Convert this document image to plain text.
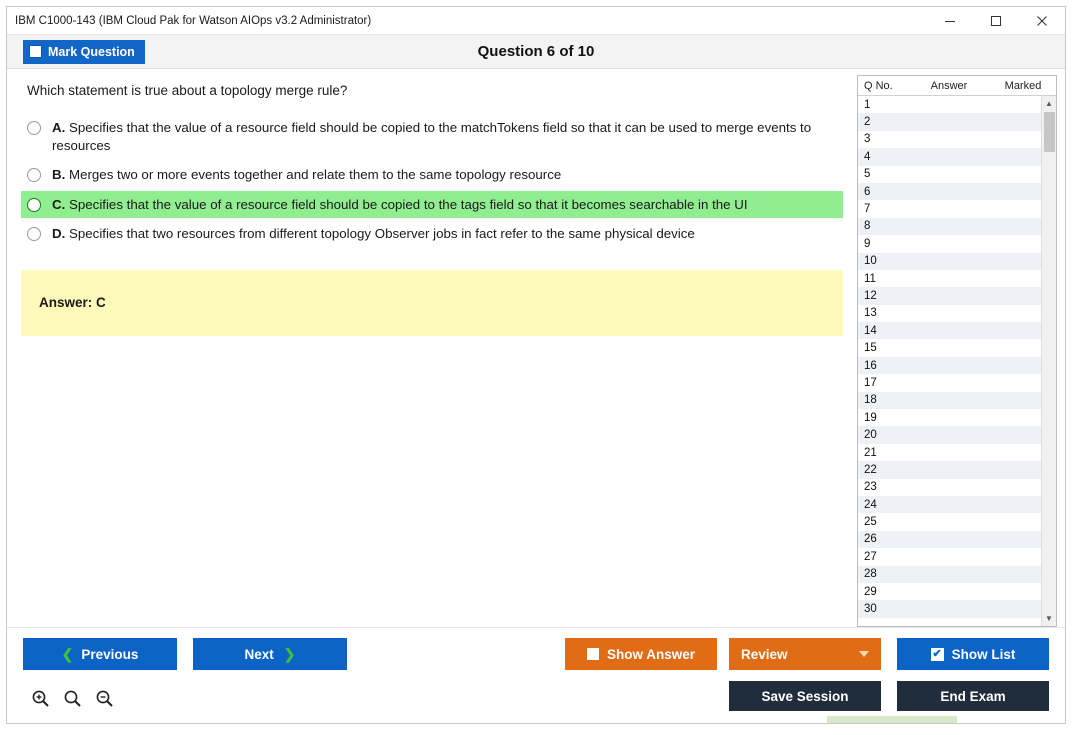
IBM C1000-143 (IBM Cloud Pak for Watson AIOps v3.2 Administrator)
Mark Question	Question 6 of 10
Which statement is true about a topology merge rule?
A. Specifies that the value of a resource field should be copied to the matchTokens field so that it can be used to merge events to resources
B. Merges two or more events together and relate them to the same topology resource
C. Specifies that the value of a resource field should be copied to the tags field so that it becomes searchable in the UI
D. Specifies that two resources from different topology Observer jobs in fact refer to the same physical device
Answer: C
Q No.	Answer	Marked
1
2
3
4
5
6
7
8
9
10
11
12
13
14
15
16
17
18
19
20
21
22
23
24
25
26
27
28
29
30
▲
▼
❮ Previous	Next ❯	Show Answer	Review	✔ Show List
Save Session	End Exam
